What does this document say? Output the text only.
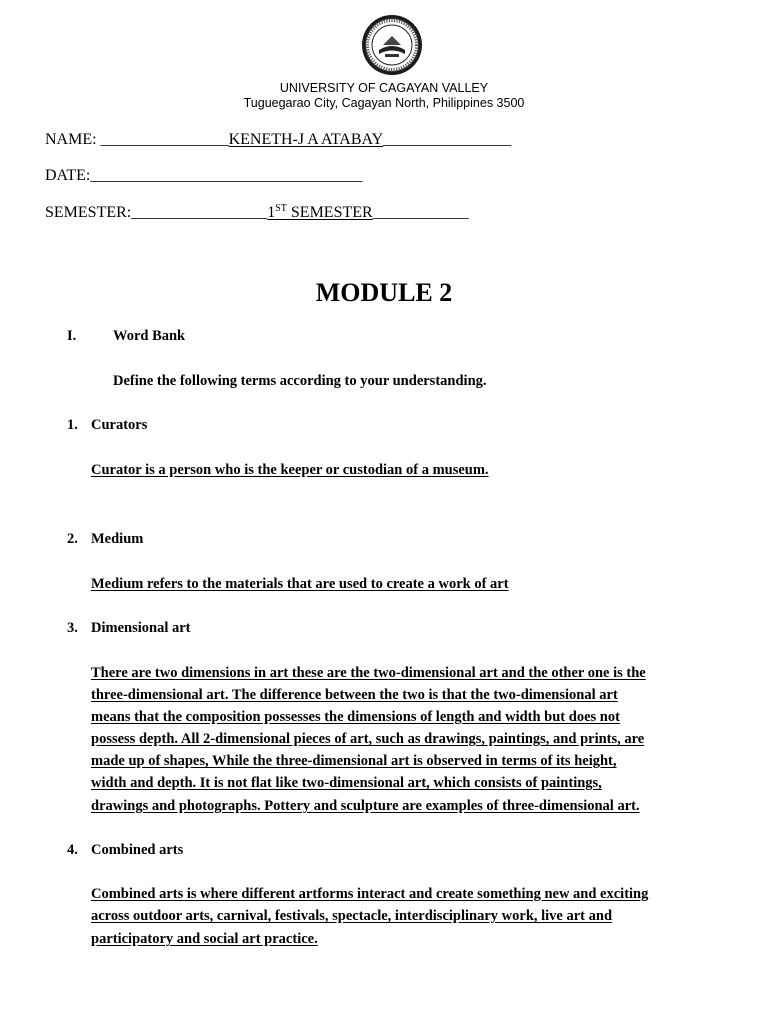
UNIVERSITY OF CAGAYAN VALLEY
Tuguegarao City, Cagayan North, Philippines 3500
NAME: ________________KENETH-J A ATABAY________________
DATE:__________________________________
SEMESTER:_________________1ST SEMESTER____________
MODULE 2
I.	Word Bank
Define the following terms according to your understanding.
1. Curators
Curator is a person who is the keeper or custodian of a museum.
2. Medium
Medium refers to the materials that are used to create a work of art
3. Dimensional art
There are two dimensions in art these are the two-dimensional art and the other one is the
three-dimensional art. The difference between the two is that the two-dimensional art
means that the composition possesses the dimensions of length and width but does not
possess depth. All 2-dimensional pieces of art, such as drawings, paintings, and prints, are
made up of shapes, While the three-dimensional art is observed in terms of its height,
width and depth. It is not flat like two-dimensional art, which consists of paintings,
drawings and photographs. Pottery and sculpture are examples of three-dimensional art.
4. Combined arts
Combined arts is where different artforms interact and create something new and exciting
across outdoor arts, carnival, festivals, spectacle, interdisciplinary work, live art and
participatory and social art practice.
